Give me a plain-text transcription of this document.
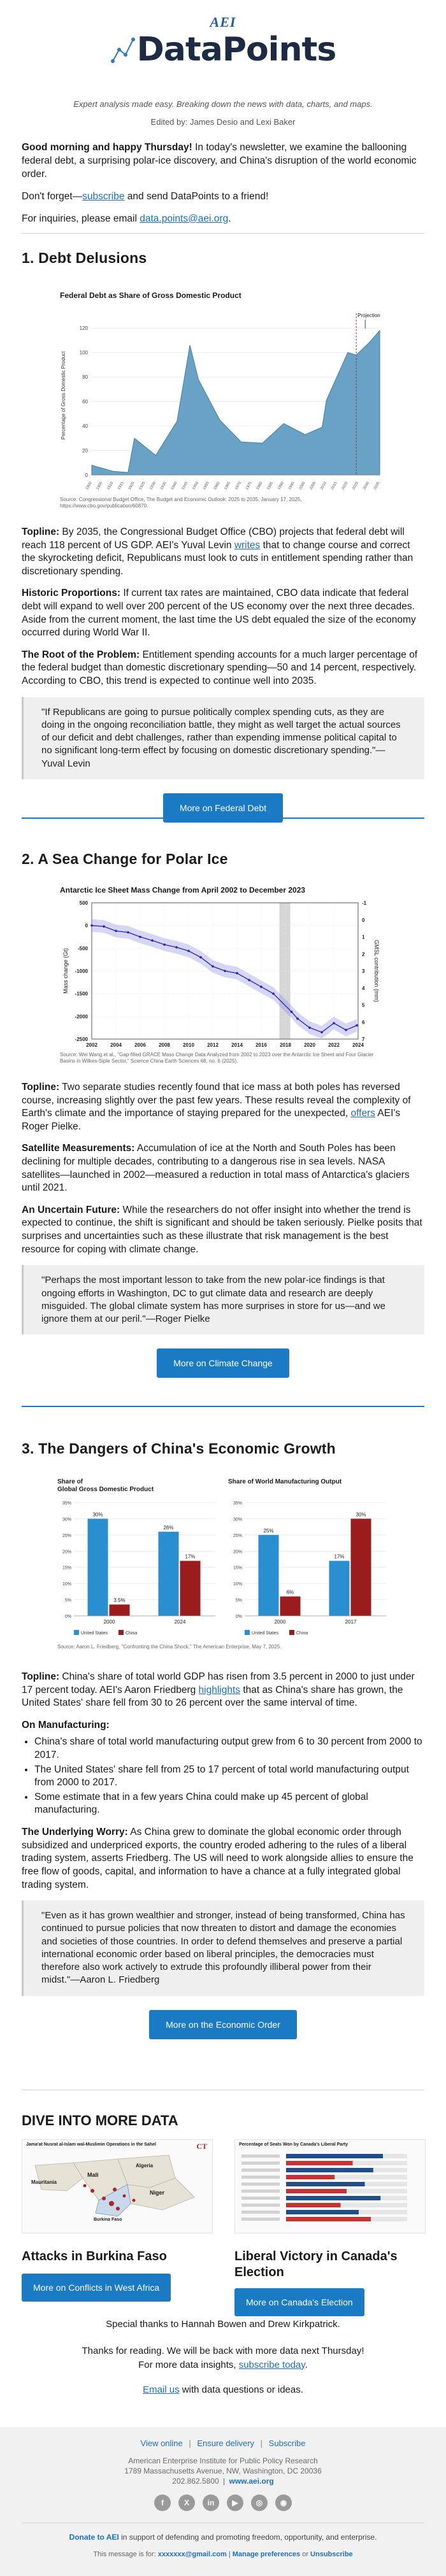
AEI
DataPoints
Expert analysis made easy. Breaking down the news with data, charts, and maps.
Edited by: James Desio and Lexi Baker

Good morning and happy Thursday! In today's newsletter, we examine the ballooning federal debt, a surprising polar-ice discovery, and China's disruption of the world economic order.

Don't forget—subscribe and send DataPoints to a friend!

For inquiries, please email data.points@aei.org.

1. Debt Delusions
Federal Debt as Share of Gross Domestic Product
0
20
40
60
80
100
120
Percentage of Gross Domestic Product
Projection
1900 1905 1910 1915 1920 1925 1930 1935 1940 1945 1950 1955 1960 1965 1970 1975 1980 1985 1990 1995 2000 2005 2010 2015 2020 2025 2030 2035
Source: Congressional Budget Office, The Budget and Economic Outlook: 2025 to 2035, January 17, 2025, https://www.cbo.gov/publication/60870.

Topline: By 2035, the Congressional Budget Office (CBO) projects that federal debt will reach 118 percent of US GDP. AEI's Yuval Levin writes that to change course and correct the skyrocketing deficit, Republicans must look to cuts in entitlement spending rather than discretionary spending.

Historic Proportions: If current tax rates are maintained, CBO data indicate that federal debt will expand to well over 200 percent of the US economy over the next three decades. Aside from the current moment, the last time the US debt equaled the size of the economy occurred during World War II.

The Root of the Problem: Entitlement spending accounts for a much larger percentage of the federal budget than domestic discretionary spending—50 and 14 percent, respectively. According to CBO, this trend is expected to continue well into 2035.

"If Republicans are going to pursue politically complex spending cuts, as they are doing in the ongoing reconciliation battle, they might as well target the actual sources of our deficit and debt challenges, rather than expending immense political capital to no significant long-term effect by focusing on domestic discretionary spending."—Yuval Levin
More on Federal Debt
2. A Sea Change for Polar Ice
Antarctic Ice Sheet Mass Change from April 2002 to December 2023
500
0
-500
-1000
-1500
-2000
-2500
-1
0
1
2
3
4
5
6
7
2002	2004	2006	2008	2010	2012	2014	2016	2018	2020	2022	2024
Mass change (Gt)	GMSL contribution (mm)
Source: Wei Wang et al., "Gap-filled GRACE Mass Change Data Analyzed from 2002 to 2023 over the Antarctic Ice Sheet and Four Glacier Basins in Wilkes-Siple Sector," Science China Earth Sciences 68, no. 6 (2025).

Topline: Two separate studies recently found that ice mass at both poles has reversed course, increasing slightly over the past few years. These results reveal the complexity of Earth's climate and the importance of staying prepared for the unexpected, offers AEI's Roger Pielke.

Satellite Measurements: Accumulation of ice at the North and South Poles has been declining for multiple decades, contributing to a dangerous rise in sea levels. NASA satellites—launched in 2002—measured a reduction in total mass of Antarctica's glaciers until 2021.

An Uncertain Future: While the researchers do not offer insight into whether the trend is expected to continue, the shift is significant and should be taken seriously. Pielke posits that surprises and uncertainties such as these illustrate that risk management is the best resource for coping with climate change.

"Perhaps the most important lesson to take from the new polar-ice findings is that ongoing efforts in Washington, DC to gut climate data and research are deeply misguided. The global climate system has more surprises in store for us—and we ignore them at our peril."—Roger Pielke
More on Climate Change
3. The Dangers of China's Economic Growth
Share of
Global Gross Domestic Product
0%
5%
10%
15%
20%
25%
30%
35%
30%
3.5%
2000
26%
17%
2024
United States	China
Share of World Manufacturing Output
0%
5%
10%
15%
20%
25%
30%
35%
25%
6%
2000
17%
30%
2017
United States	China
Source: Aaron L. Friedberg, "Confronting the China Shock," The American Enterprise, May 7, 2025.

Topline: China's share of total world GDP has risen from 3.5 percent in 2000 to just under 17 percent today. AEI's Aaron Friedberg highlights that as China's share has grown, the United States' share fell from 30 to 26 percent over the same interval of time.

On Manufacturing:

• China's share of total world manufacturing output grew from 6 to 30 percent from 2000 to 2017.
• The United States' share fell from 25 to 17 percent of total world manufacturing output from 2000 to 2017.
• Some estimate that in a few years China could make up 45 percent of global manufacturing.

The Underlying Worry: As China grew to dominate the global economic order through subsidized and underpriced exports, the country eroded adhering to the rules of a liberal trading system, asserts Friedberg. The US will need to work alongside allies to ensure the free flow of goods, capital, and information to have a chance at a fully integrated global trading system.

"Even as it has grown wealthier and stronger, instead of being transformed, China has continued to pursue policies that now threaten to distort and damage the economies and societies of those countries. In order to defend themselves and preserve a partial international economic order based on liberal principles, the democracies must therefore also work actively to extrude this profoundly illiberal power from their midst."—Aaron L. Friedberg
More on the Economic Order
DIVE INTO MORE DATA
Jama'at Nusrat al-Islam wal-Muslimin Operations in the Sahel	CT
Mauritania
Mali
Niger
Algeria
Burkina Faso
Attacks in Burkina Faso
More on Conflicts in West Africa
Percentage of Seats Won by Canada's Liberal Party
Liberal Victory in Canada's Election
More on Canada's Election

Special thanks to Hannah Bowen and Drew Kirkpatrick.

Thanks for reading. We will be back with more data next Thursday!

For more data insights, subscribe today.

Email us with data questions or ideas.

View online | Ensure delivery | Subscribe
American Enterprise Institute for Public Policy Research
1789 Massachusetts Avenue, NW, Washington, DC 20036
202.862.5800 | www.aei.org
f	X	in	▶	◎	◉
Donate to AEI in support of defending and promoting freedom, opportunity, and enterprise.
This message is for: xxxxxxx@gmail.com | Manage preferences or Unsubscribe
